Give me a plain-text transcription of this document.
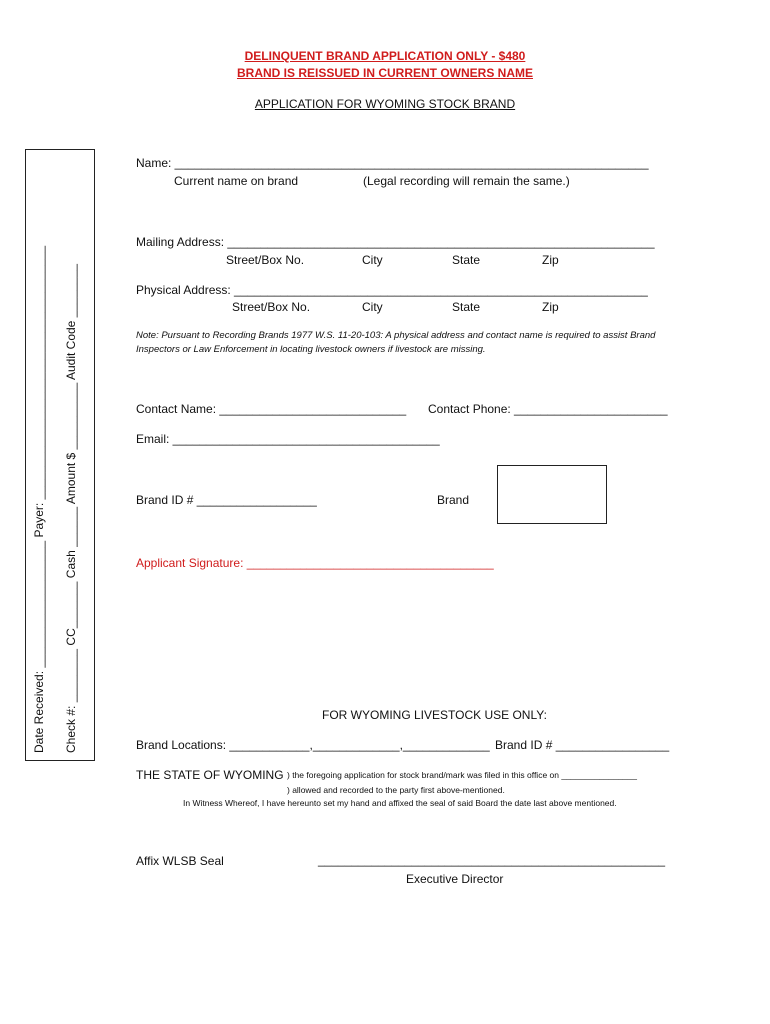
DELINQUENT BRAND APPLICATION ONLY - $480
BRAND IS REISSUED IN CURRENT OWNERS NAME
APPLICATION FOR WYOMING STOCK BRAND
Date Received: ___________________ Payer: ______________________________________ Check #: ________ CC_______ Cash ______ Amount $ __________ Audit Code ________
Name: _______________________________________________________________________
Current name on brand	(Legal recording will remain the same.)
Mailing Address: ________________________________________________________________
Street/Box No.	City	State	Zip
Physical Address: ______________________________________________________________
Street/Box No.	City	State	Zip
Note: Pursuant to Recording Brands 1977 W.S. 11-20-103: A physical address and contact name is required to assist Brand Inspectors or Law Enforcement in locating livestock owners if livestock are missing.
Contact Name: ____________________________ Contact Phone: _______________________
Email: ________________________________________
Brand ID # __________________	Brand
Applicant Signature: _____________________________________
FOR WYOMING LIVESTOCK USE ONLY:
Brand Locations: ____________,_____________,_____________ Brand ID # _________________
THE STATE OF WYOMING ) the foregoing application for stock brand/mark was filed in this office on ________________
) allowed and recorded to the party first above-mentioned.
In Witness Whereof, I have hereunto set my hand and affixed the seal of said Board the date last above mentioned.
Affix WLSB Seal	____________________________________________________
Executive Director
